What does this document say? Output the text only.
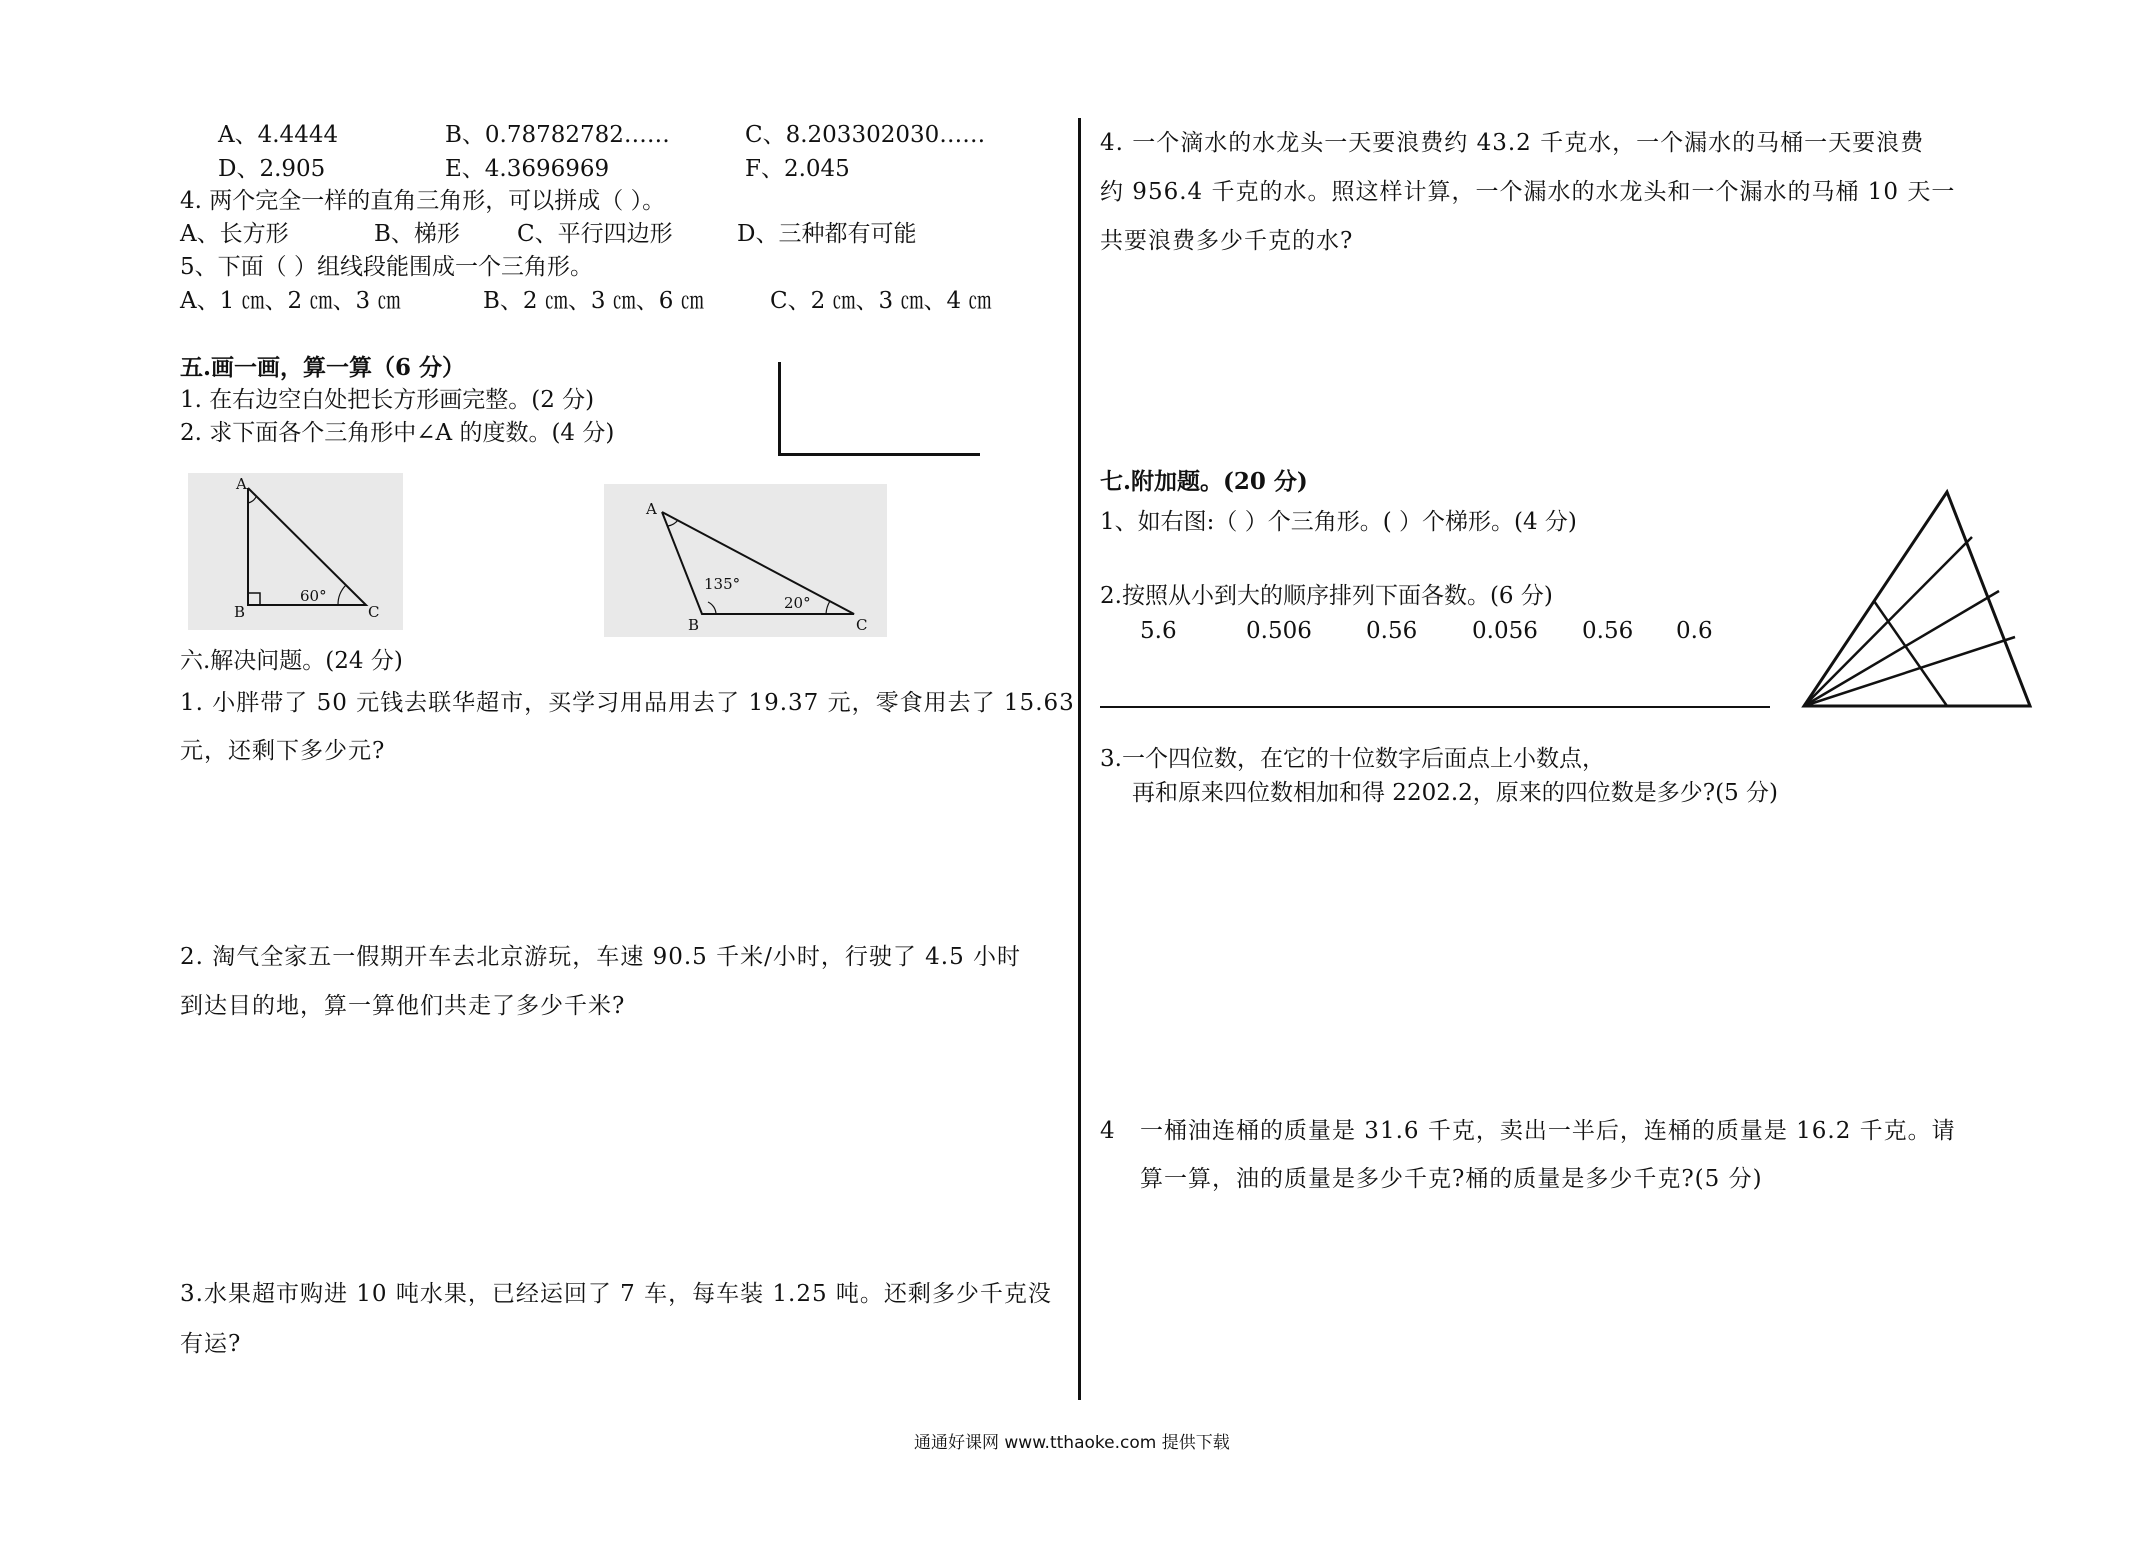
A、4.4444	B、0.78782782……	C、8.203302030……
D、2.905	E、4.3696969	F、2.045
4. 两个完全一样的直角三角形，可以拼成（ ）。
A、长方形	B、梯形 C、平行四边形	D、三种都有可能
5、下面（ ）组线段能围成一个三角形。
A、1 ㎝、2 ㎝、3 ㎝	B、2 ㎝、3 ㎝、6 ㎝	C、2 ㎝、3 ㎝、4 ㎝
五.画一画，算一算（6 分）
1. 在右边空白处把长方形画完整。(2 分)
2. 求下面各个三角形中∠A 的度数。(4 分)
A
B	C
60°
A
B	C
135°
20°
六.解决问题。(24 分)
1. 小胖带了 50 元钱去联华超市，买学习用品用去了 19.37 元，零食用去了 15.63
元，还剩下多少元?
2. 淘气全家五一假期开车去北京游玩，车速 90.5 千米/小时，行驶了 4.5 小时
到达目的地，算一算他们共走了多少千米?
3.水果超市购进 10 吨水果，已经运回了 7 车，每车装 1.25 吨。还剩多少千克没
有运?
4. 一个滴水的水龙头一天要浪费约 43.2 千克水，一个漏水的马桶一天要浪费
约 956.4 千克的水。照这样计算，一个漏水的水龙头和一个漏水的马桶 10 天一
共要浪费多少千克的水?
七.附加题。(20 分)
1、如右图:（ ）个三角形。( ）个梯形。(4 分)
2.按照从小到大的顺序排列下面各数。(6 分)
5.6	0.506 0.56 0.056 0.56 0.6
3.一个四位数，在它的十位数字后面点上小数点，
再和原来四位数相加和得 2202.2，原来的四位数是多少?(5 分)
4 一桶油连桶的质量是 31.6 千克，卖出一半后，连桶的质量是 16.2 千克。请
算一算，油的质量是多少千克?桶的质量是多少千克?(5 分)
通通好课网 www.tthaoke.com 提供下载
